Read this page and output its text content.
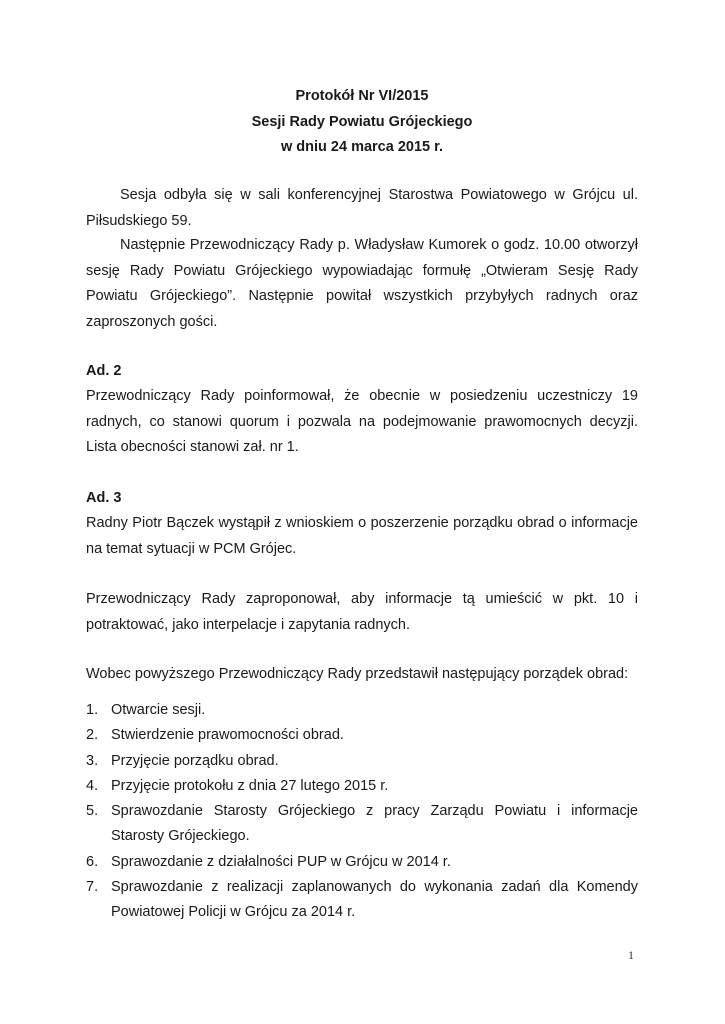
Protokół Nr VI/2015
Sesji Rady Powiatu Grójeckiego
w dniu 24 marca 2015 r.

Sesja odbyła się w sali konferencyjnej Starostwa Powiatowego w Grójcu ul. Piłsudskiego 59.

Następnie Przewodniczący Rady p. Władysław Kumorek o godz. 10.00 otworzył sesję Rady Powiatu Grójeckiego wypowiadając formułę „Otwieram Sesję Rady Powiatu Grójeckiego”. Następnie powitał wszystkich przybyłych radnych oraz zaproszonych gości.

Ad. 2

Przewodniczący Rady poinformował, że obecnie w posiedzeniu uczestniczy 19 radnych, co stanowi quorum i pozwala na podejmowanie prawomocnych decyzji. Lista obecności stanowi zał. nr 1.

Ad. 3

Radny Piotr Bączek wystąpił z wnioskiem o poszerzenie porządku obrad o informacje na temat sytuacji w PCM Grójec.

Przewodniczący Rady zaproponował, aby informacje tą umieścić w pkt. 10 i potraktować, jako interpelacje i zapytania radnych.

Wobec powyższego Przewodniczący Rady przedstawił następujący porządek obrad:

1. Otwarcie sesji.
2. Stwierdzenie prawomocności obrad.
3. Przyjęcie porządku obrad.
4. Przyjęcie protokołu z dnia 27 lutego 2015 r.
5. Sprawozdanie Starosty Grójeckiego z pracy Zarządu Powiatu i informacje Starosty Grójeckiego.
6. Sprawozdanie z działalności PUP w Grójcu w 2014 r.
7. Sprawozdanie z realizacji zaplanowanych do wykonania zadań dla Komendy Powiatowej Policji w Grójcu za 2014 r.
1
